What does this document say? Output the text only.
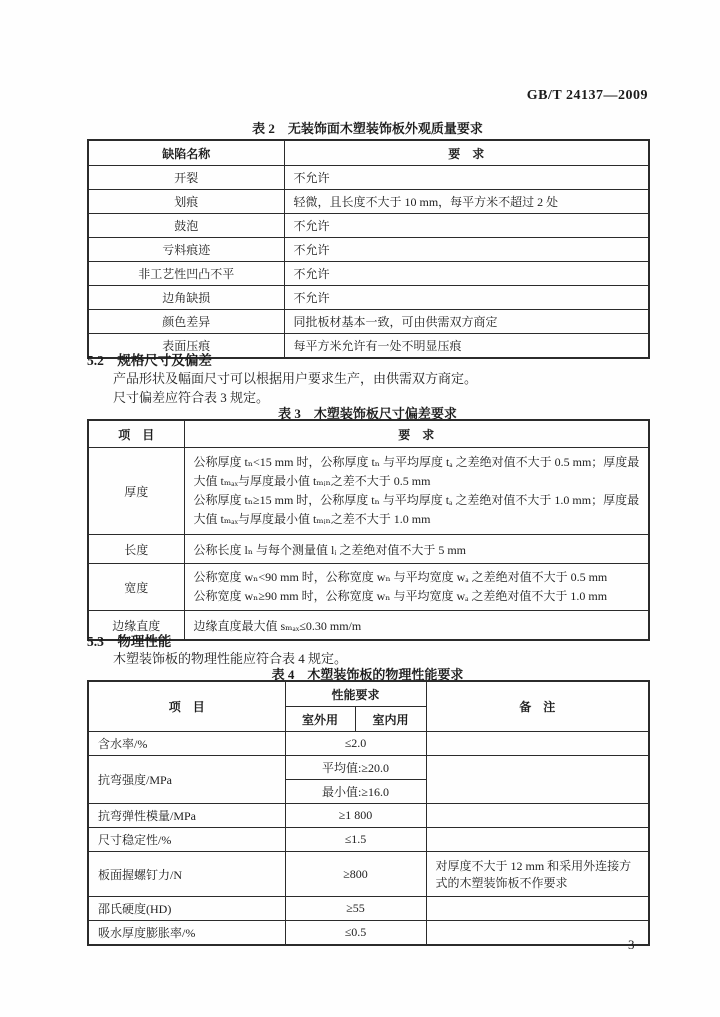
GB/T 24137—2009
表 2　无装饰面木塑装饰板外观质量要求
缺陷名称	要　求
开裂	不允许
划痕	轻微，且长度不大于 10 mm，每平方米不超过 2 处
鼓泡	不允许
亏料痕迹	不允许
非工艺性凹凸不平	不允许
边角缺损	不允许
颜色差异	同批板材基本一致，可由供需双方商定
表面压痕	每平方米允许有一处不明显压痕
5.2　规格尺寸及偏差
产品形状及幅面尺寸可以根据用户要求生产，由供需双方商定。
尺寸偏差应符合表 3 规定。
表 3　木塑装饰板尺寸偏差要求
项　目	要　求
厚度	公称厚度 tₙ<15 mm 时，公称厚度 tₙ 与平均厚度 tₐ 之差绝对值不大于 0.5 mm；厚度最大值 tₘₐₓ与厚度最小值 tₘᵢₙ之差不大于 0.5 mm
公称厚度 tₙ≥15 mm 时，公称厚度 tₙ 与平均厚度 tₐ 之差绝对值不大于 1.0 mm；厚度最大值 tₘₐₓ与厚度最小值 tₘᵢₙ之差不大于 1.0 mm

长度	公称长度 lₙ 与每个测量值 lᵢ 之差绝对值不大于 5 mm
宽度	公称宽度 wₙ<90 mm 时，公称宽度 wₙ 与平均宽度 wₐ 之差绝对值不大于 0.5 mm
公称宽度 wₙ≥90 mm 时，公称宽度 wₙ 与平均宽度 wₐ 之差绝对值不大于 1.0 mm

边缘直度	边缘直度最大值 sₘₐₓ≤0.30 mm/m
5.3　物理性能
木塑装饰板的物理性能应符合表 4 规定。
表 4　木塑装饰板的物理性能要求
项　目	性能要求		备　注
	室外用	室内用	
含水率/%	≤2.0		
抗弯强度/MPa	平均值:≥20.0		
	最小值:≥16.0		
抗弯弹性模量/MPa	≥1 800		
尺寸稳定性/%	≤1.5		
板面握螺钉力/N	≥800		对厚度不大于 12 mm 和采用外连接方式的木塑装饰板不作要求
邵氏硬度(HD)	≥55		
吸水厚度膨胀率/%	≤0.5		
3
